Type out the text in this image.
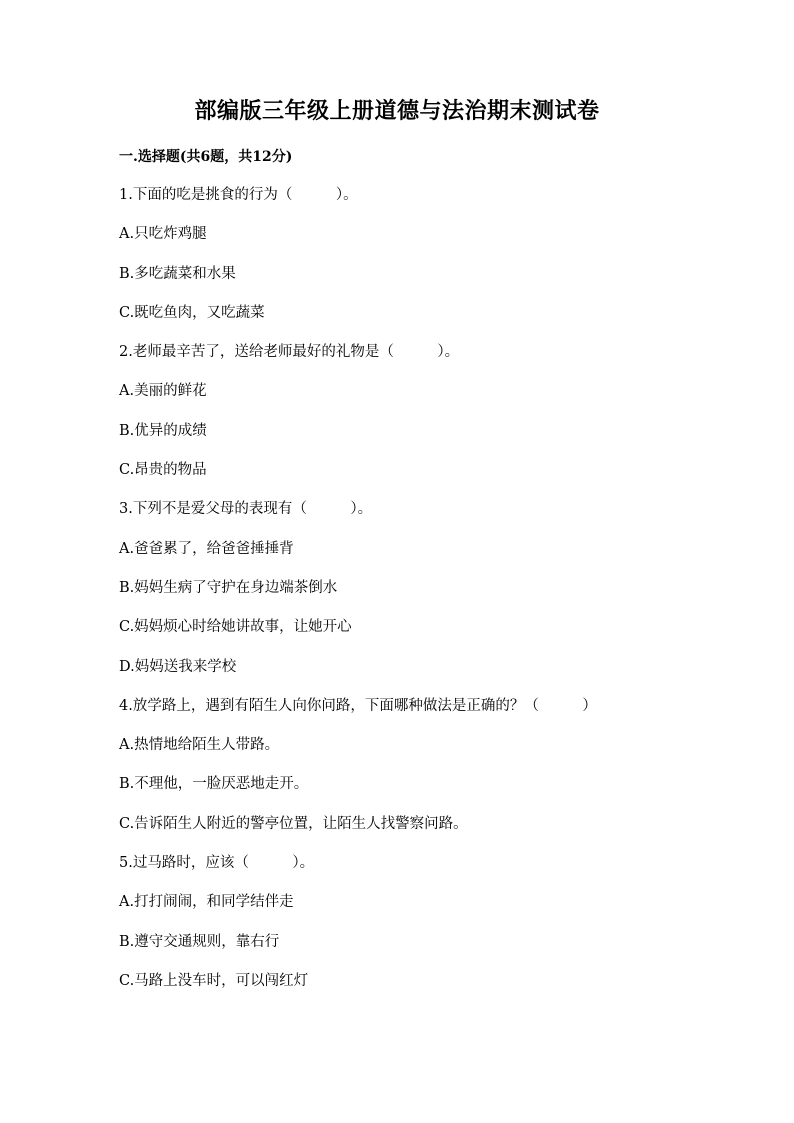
部编版三年级上册道德与法治期末测试卷
一.选择题(共6题，共12分)
1.下面的吃是挑食的行为（　　　）。
A.只吃炸鸡腿
B.多吃蔬菜和水果
C.既吃鱼肉，又吃蔬菜
2.老师最辛苦了，送给老师最好的礼物是（　　　）。
A.美丽的鲜花
B.优异的成绩
C.昂贵的物品
3.下列不是爱父母的表现有（　　　）。
A.爸爸累了，给爸爸捶捶背
B.妈妈生病了守护在身边端茶倒水
C.妈妈烦心时给她讲故事，让她开心
D.妈妈送我来学校
4.放学路上，遇到有陌生人向你问路，下面哪种做法是正确的？（　　　）
A.热情地给陌生人带路。
B.不理他，一脸厌恶地走开。
C.告诉陌生人附近的警亭位置，让陌生人找警察问路。
5.过马路时，应该（　　　）。
A.打打闹闹，和同学结伴走
B.遵守交通规则，靠右行
C.马路上没车时，可以闯红灯
